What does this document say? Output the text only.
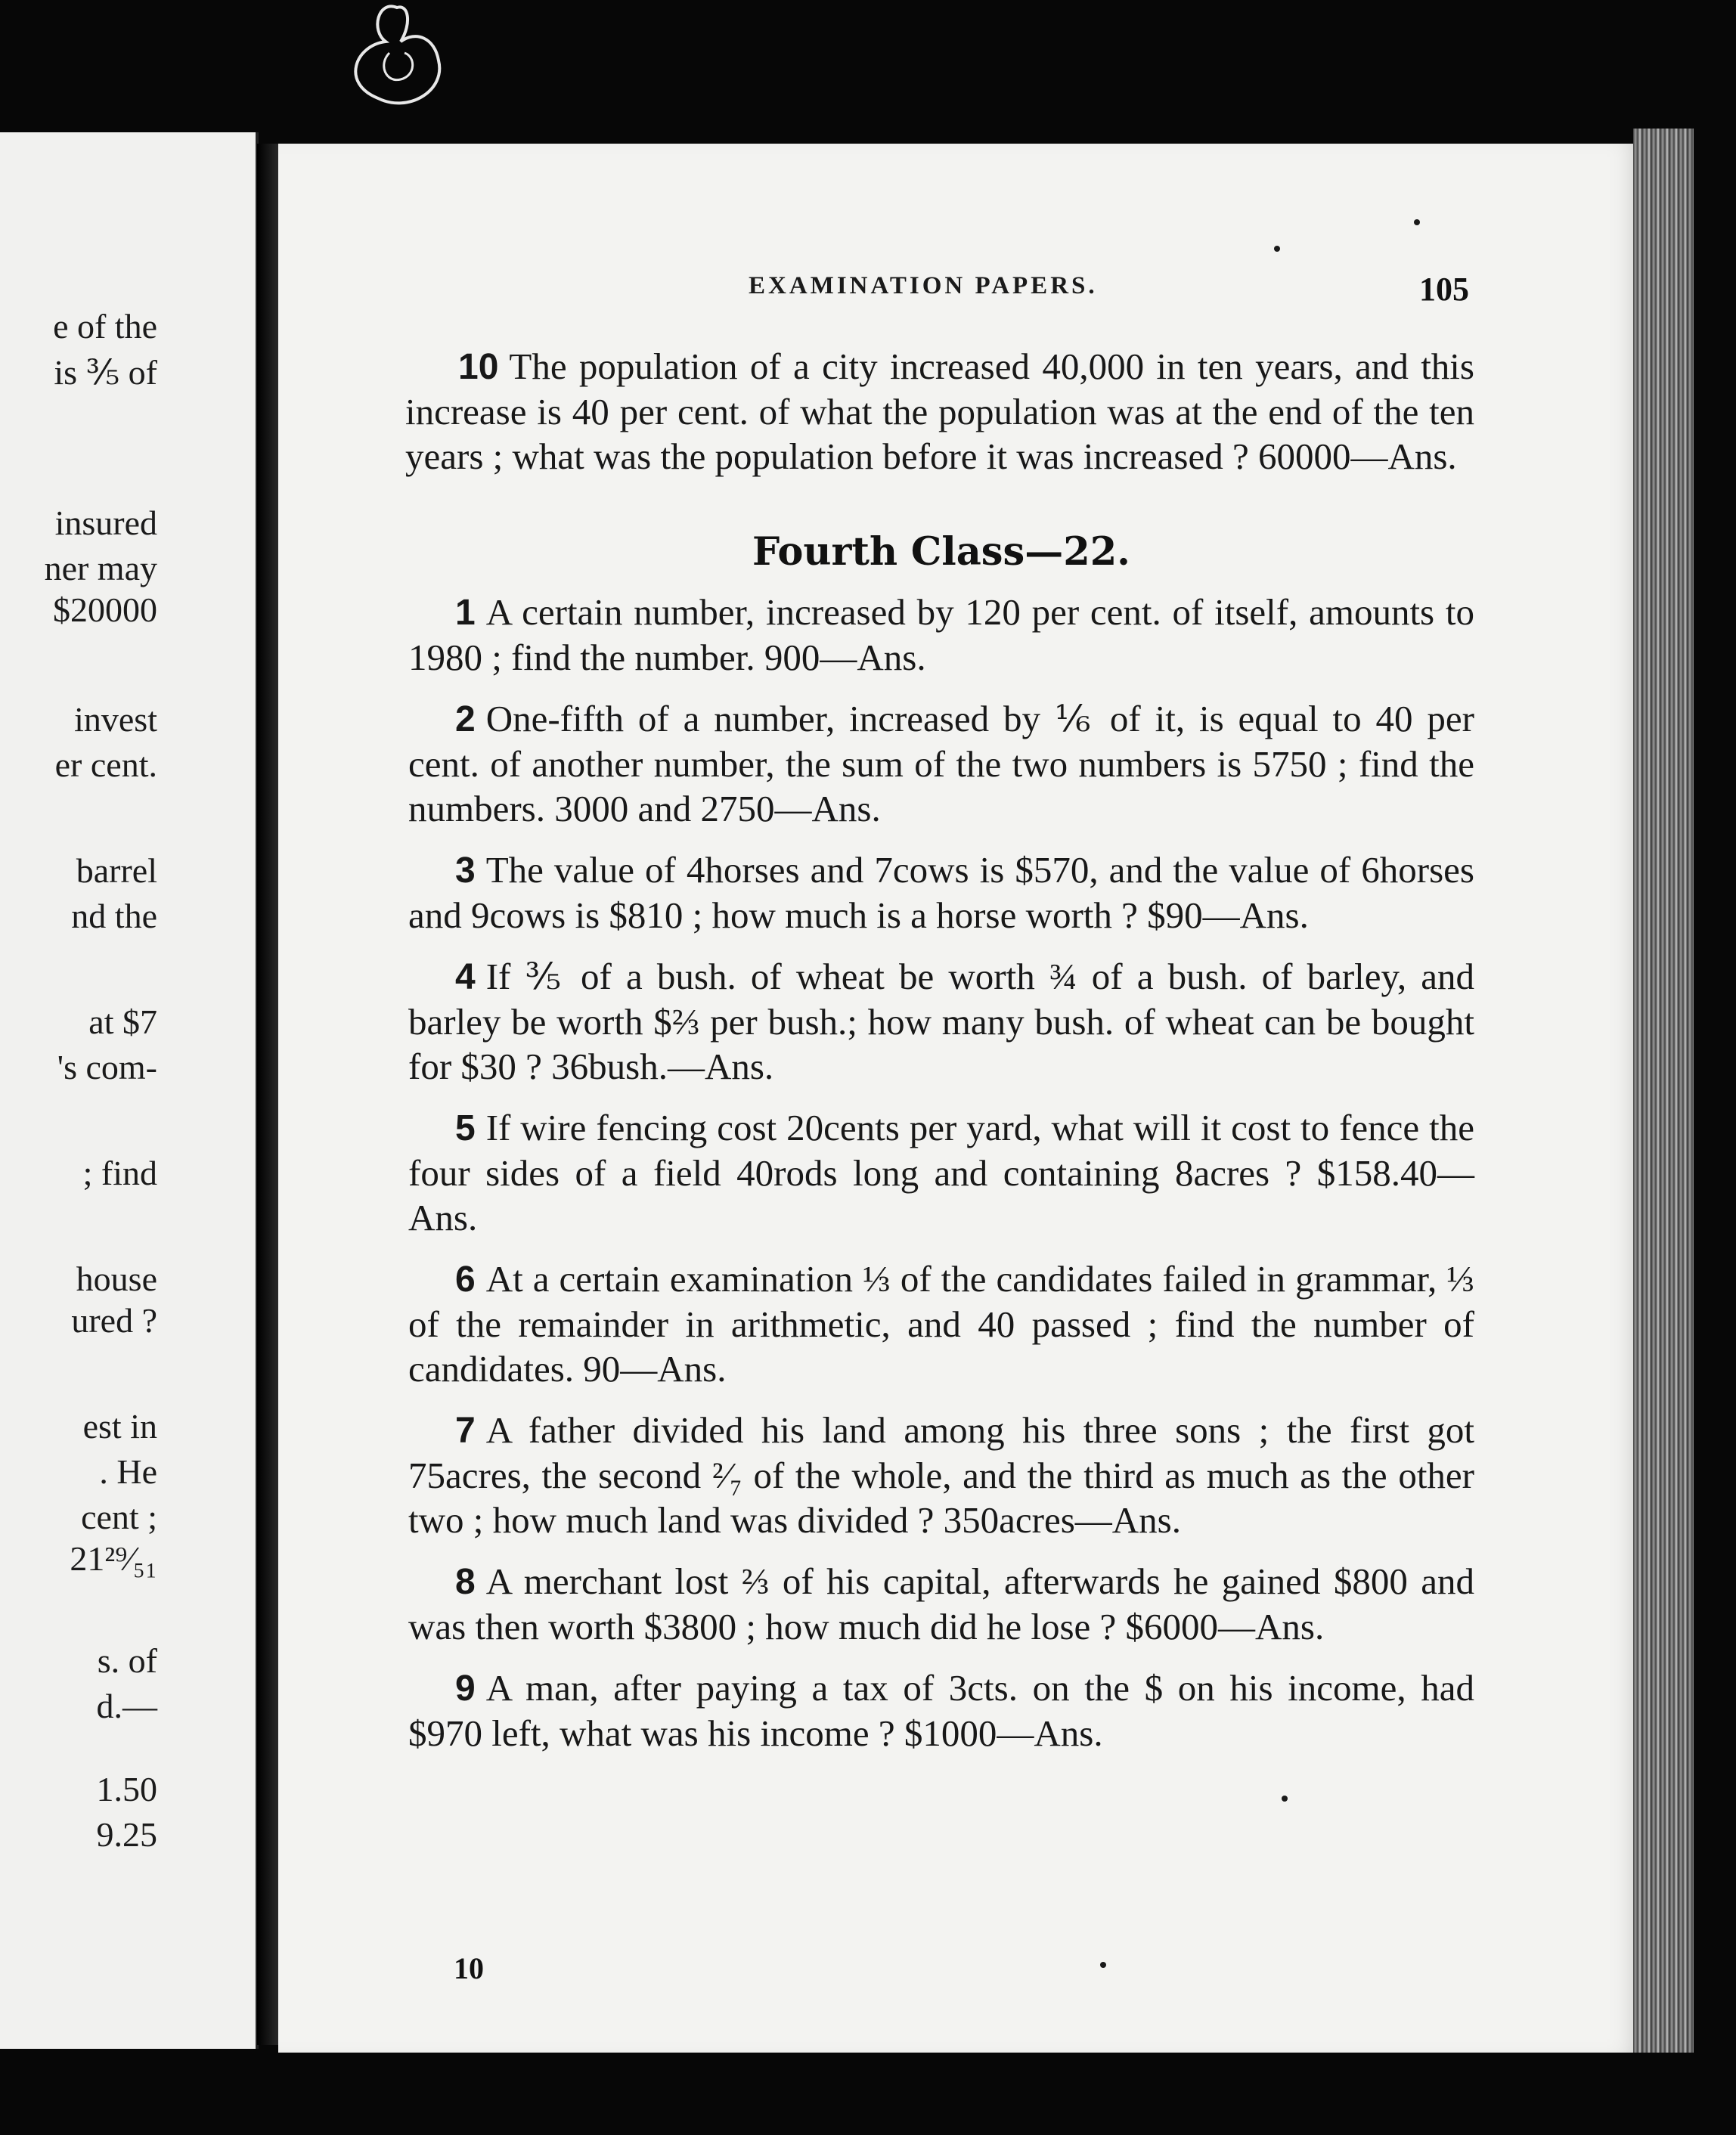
e of the
is ⅗ of
insured
ner may
$20000
invest
er cent.
barrel
nd the
at $7
's com-
; find
house
ured ?
est in
. He
cent ;
21²⁹⁄₅₁
s. of
d.—
1.50
9.25
EXAMINATION PAPERS.	105

10 The population of a city increased 40,000 in ten years, and this increase is 40 per cent. of what the population was at the end of the ten years ; what was the population before it was increased ? 60000—Ans.

Fourth Class—22.

1 A certain number, increased by 120 per cent. of itself, amounts to 1980 ; find the number. 900—Ans.

2 One-fifth of a number, increased by ⅙ of it, is equal to 40 per cent. of another number, the sum of the two numbers is 5750 ; find the numbers. 3000 and 2750—Ans.

3 The value of 4horses and 7cows is $570, and the value of 6horses and 9cows is $810 ; how much is a horse worth ? $90—Ans.

4 If ⅗ of a bush. of wheat be worth ¾ of a bush. of barley, and barley be worth $⅔ per bush.; how many bush. of wheat can be bought for $30 ? 36bush.—Ans.

5 If wire fencing cost 20cents per yard, what will it cost to fence the four sides of a field 40rods long and containing 8acres ? $158.40—Ans.

6 At a certain examination ⅓ of the candidates failed in grammar, ⅓ of the remainder in arithmetic, and 40 passed ; find the number of candidates. 90—Ans.

7 A father divided his land among his three sons ; the first got 75acres, the second ²⁄₇ of the whole, and the third as much as the other two ; how much land was divided ? 350acres—Ans.

8 A merchant lost ⅔ of his capital, afterwards he gained $800 and was then worth $3800 ; how much did he lose ? $6000—Ans.

9 A man, after paying a tax of 3cts. on the $ on his income, had $970 left, what was his income ? $1000—Ans.

10
